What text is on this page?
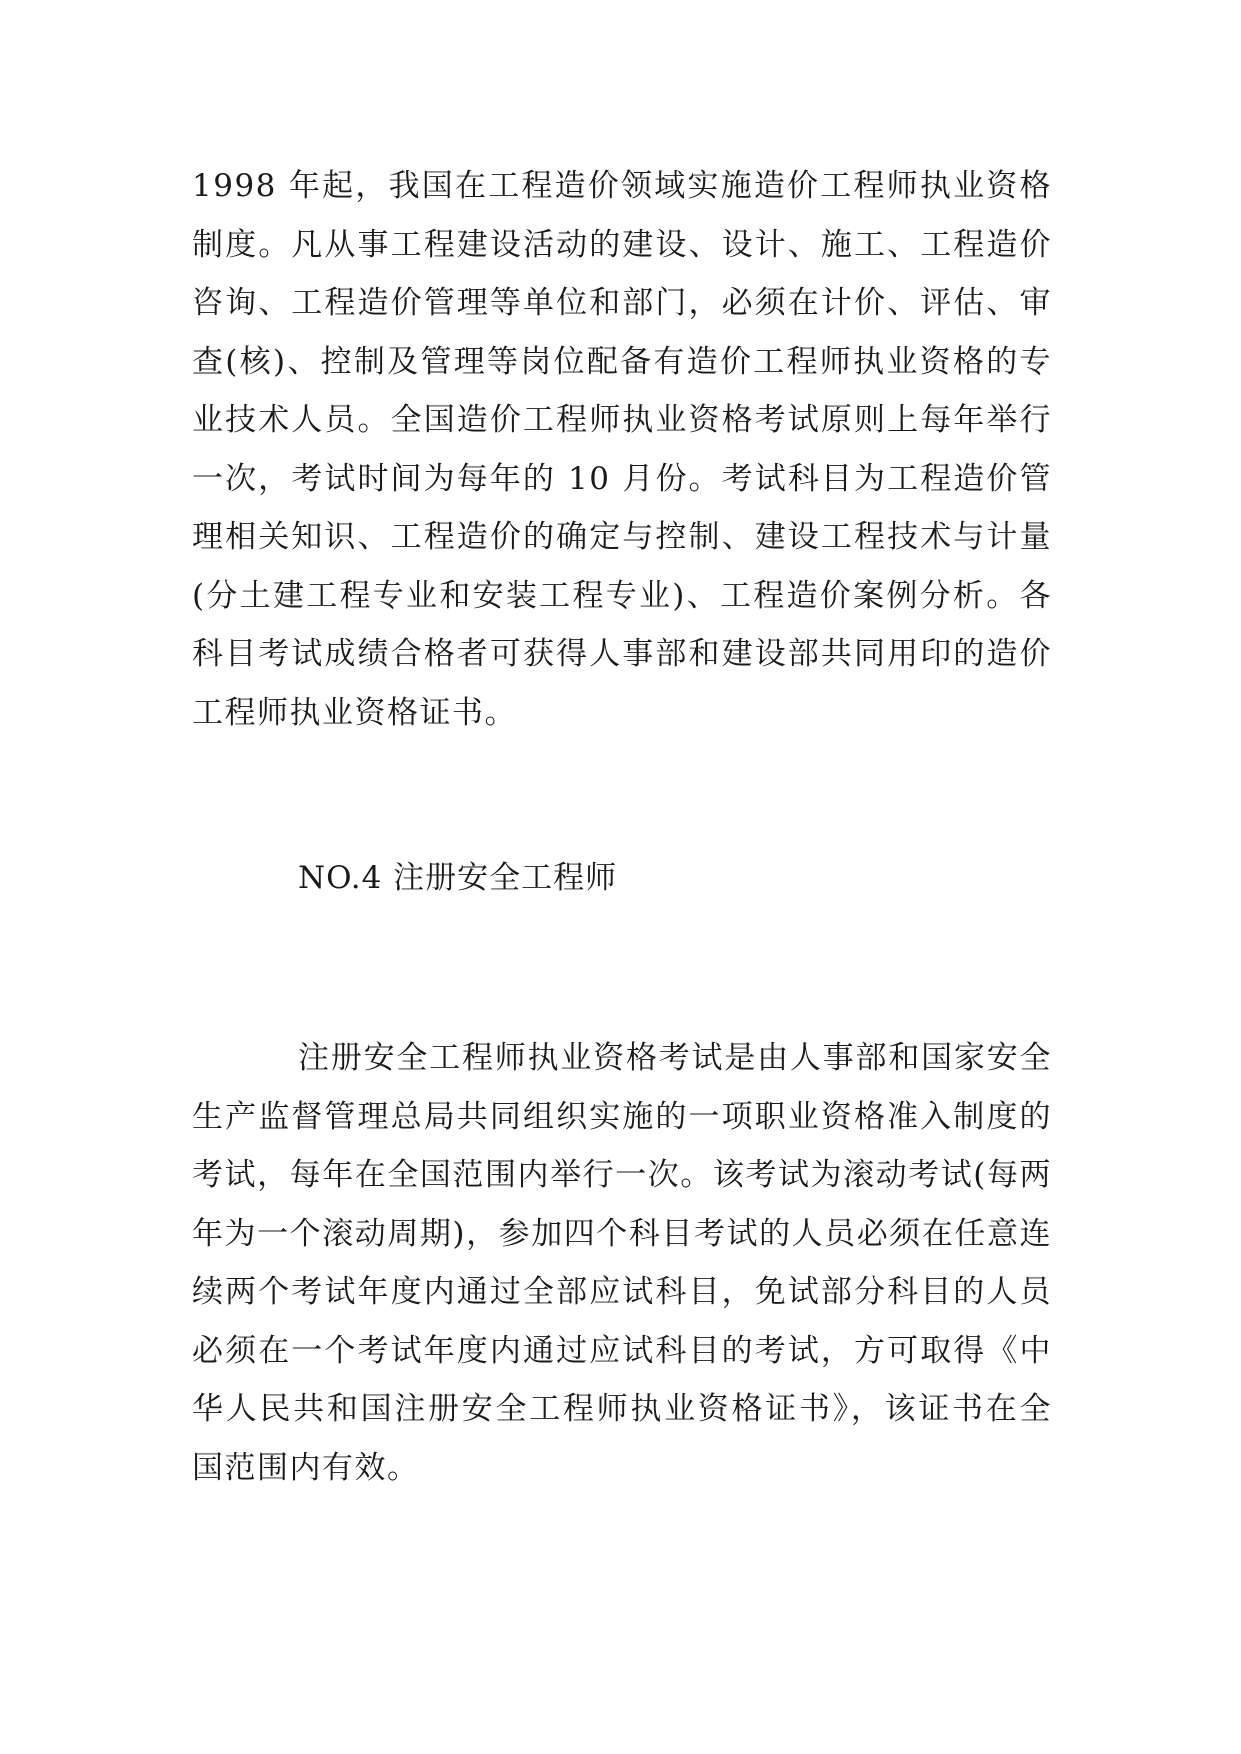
1998 年起，我国在工程造价领域实施造价工程师执业资格制度。凡从事工程建设活动的建设、设计、施工、工程造价咨询、工程造价管理等单位和部门，必须在计价、评估、审查(核)、控制及管理等岗位配备有造价工程师执业资格的专业技术人员。全国造价工程师执业资格考试原则上每年举行一次，考试时间为每年的 10 月份。考试科目为工程造价管理相关知识、工程造价的确定与控制、建设工程技术与计量(分土建工程专业和安装工程专业)、工程造价案例分析。各科目考试成绩合格者可获得人事部和建设部共同用印的造价工程师执业资格证书。

NO.4 注册安全工程师

注册安全工程师执业资格考试是由人事部和国家安全生产监督管理总局共同组织实施的一项职业资格准入制度的考试，每年在全国范围内举行一次。该考试为滚动考试(每两年为一个滚动周期)，参加四个科目考试的人员必须在任意连续两个考试年度内通过全部应试科目，免试部分科目的人员必须在一个考试年度内通过应试科目的考试，方可取得《中华人民共和国注册安全工程师执业资格证书》，该证书在全国范围内有效。
